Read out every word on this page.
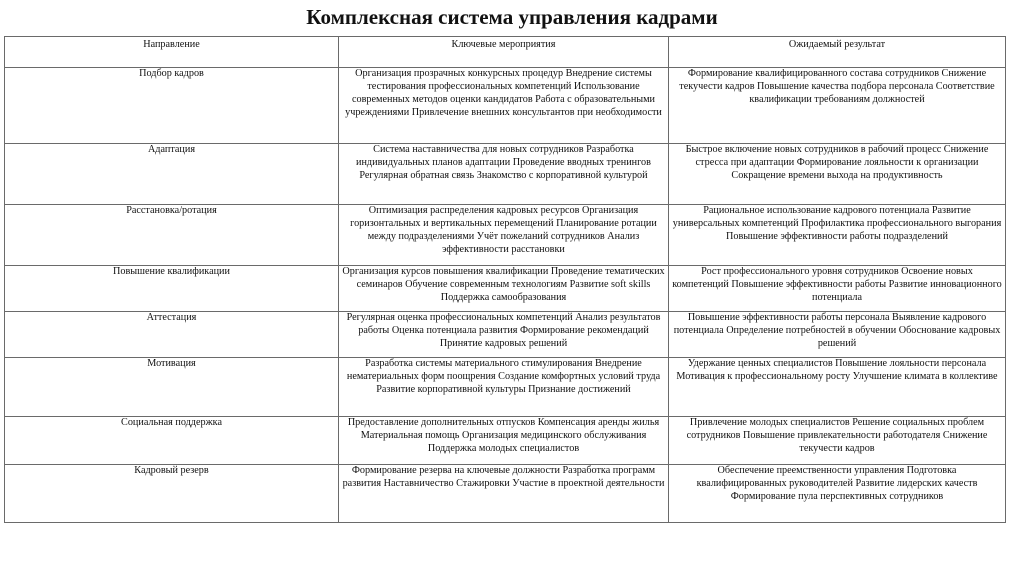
Комплексная система управления кадрами
Направление	Ключевые мероприятия	Ожидаемый результат
Подбор кадров	Организация прозрачных конкурсных процедур Внедрение системы тестирования профессиональных компетенций Использование современных методов оценки кандидатов Работа с образовательными учреждениями Привлечение внешних консультантов при необходимости	Формирование квалифицированного состава сотрудников Снижение текучести кадров Повышение качества подбора персонала Соответствие квалификации требованиям должностей
Адаптация	Система наставничества для новых сотрудников Разработка индивидуальных планов адаптации Проведение вводных тренингов Регулярная обратная связь Знакомство с корпоративной культурой	Быстрое включение новых сотрудников в рабочий процесс Снижение стресса при адаптации Формирование лояльности к организации Сокращение времени выхода на продуктивность
Расстановка/ротация	Оптимизация распределения кадровых ресурсов Организация горизонтальных и вертикальных перемещений Планирование ротации между подразделениями Учёт пожеланий сотрудников Анализ эффективности расстановки	Рациональное использование кадрового потенциала Развитие универсальных компетенций Профилактика профессионального выгорания Повышение эффективности работы подразделений
Повышение квалификации	Организация курсов повышения квалификации Проведение тематических семинаров Обучение современным технологиям Развитие soft skills Поддержка самообразования	Рост профессионального уровня сотрудников Освоение новых компетенций Повышение эффективности работы Развитие инновационного потенциала
Аттестация	Регулярная оценка профессиональных компетенций Анализ результатов работы Оценка потенциала развития Формирование рекомендаций Принятие кадровых решений	Повышение эффективности работы персонала Выявление кадрового потенциала Определение потребностей в обучении Обоснование кадровых решений
Мотивация	Разработка системы материального стимулирования Внедрение нематериальных форм поощрения Создание комфортных условий труда Развитие корпоративной культуры Признание достижений	Удержание ценных специалистов Повышение лояльности персонала Мотивация к профессиональному росту Улучшение климата в коллективе
Социальная поддержка	Предоставление дополнительных отпусков Компенсация аренды жилья Материальная помощь Организация медицинского обслуживания Поддержка молодых специалистов	Привлечение молодых специалистов Решение социальных проблем сотрудников Повышение привлекательности работодателя Снижение текучести кадров
Кадровый резерв	Формирование резерва на ключевые должности Разработка программ развития Наставничество Стажировки Участие в проектной деятельности	Обеспечение преемственности управления Подготовка квалифицированных руководителей Развитие лидерских качеств Формирование пула перспективных сотрудников
